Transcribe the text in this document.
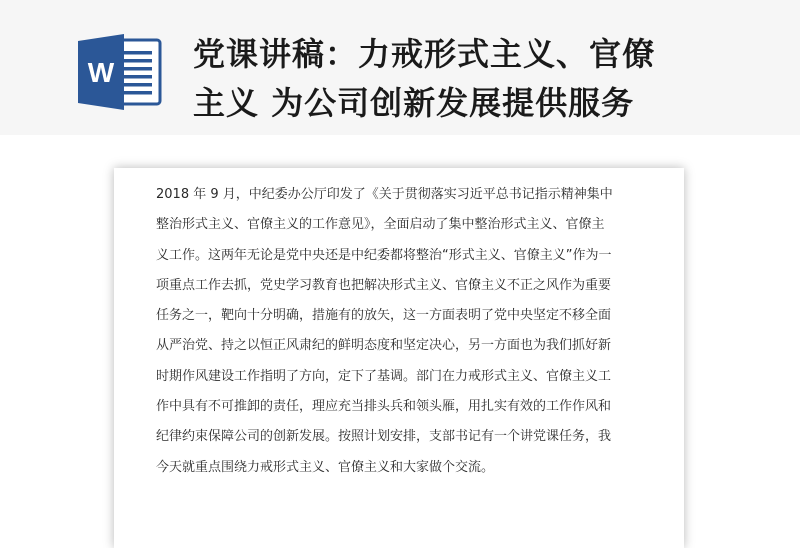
W 党课讲稿：力戒形式主义、官僚
主义 为公司创新发展提供服务
2018 年 9 月，中纪委办公厅印发了《关于贯彻落实习近平总书记指示精神集中
整治形式主义、官僚主义的工作意见》，全面启动了集中整治形式主义、官僚主
义工作。这两年无论是党中央还是中纪委都将整治“形式主义、官僚主义”作为一
项重点工作去抓，党史学习教育也把解决形式主义、官僚主义不正之风作为重要
任务之一，靶向十分明确，措施有的放矢，这一方面表明了党中央坚定不移全面
从严治党、持之以恒正风肃纪的鲜明态度和坚定决心，另一方面也为我们抓好新
时期作风建设工作指明了方向，定下了基调。部门在力戒形式主义、官僚主义工
作中具有不可推卸的责任，理应充当排头兵和领头雁，用扎实有效的工作作风和
纪律约束保障公司的创新发展。按照计划安排，支部书记有一个讲党课任务，我
今天就重点围绕力戒形式主义、官僚主义和大家做个交流。
